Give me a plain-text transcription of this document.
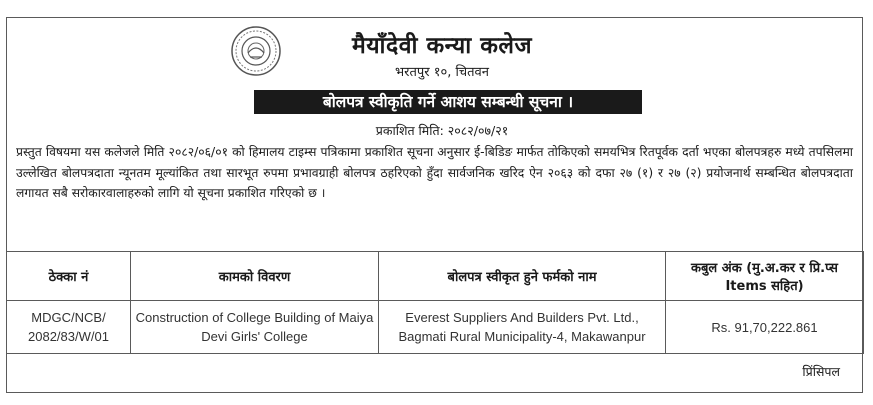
मैयाँदेवी कन्या कलेज
भरतपुर १०, चितवन
बोलपत्र स्वीकृति गर्ने आशय सम्बन्धी सूचना ।
प्रकाशित मिति: २०८२/०७/२१
प्रस्तुत विषयमा यस कलेजले मिति २०८२/०६/०१ को हिमालय टाइम्स पत्रिकामा प्रकाशित सूचना अनुसार ई-बिडिङ मार्फत तोकिएको समयभित्र रितपूर्वक दर्ता भएका बोलपत्रहरु मध्ये तपसिलमा उल्लेखित बोलपत्रदाता न्यूनतम मूल्यांकित तथा सारभूत रुपमा प्रभावग्राही बोलपत्र ठहरिएको हुँदा सार्वजनिक खरिद ऐन २०६३ को दफा २७ (१) र २७ (२) प्रयोजनार्थ सम्बन्धित बोलपत्रदाता लगायत सबै सरोकारवालाहरुको लागि यो सूचना प्रकाशित गरिएको छ ।
ठेक्का नं	कामको विवरण	बोलपत्र स्वीकृत हुने फर्मको नाम	कबुल अंक (मु.अ.कर र प्रि.प्स Items सहित)
MDGC/NCB/ 2082/83/W/01	Construction of College Building of Maiya Devi Girls' College	Everest Suppliers And Builders Pvt. Ltd., Bagmati Rural Municipality-4, Makawanpur	Rs. 91,70,222.861
प्रिंसिपल
